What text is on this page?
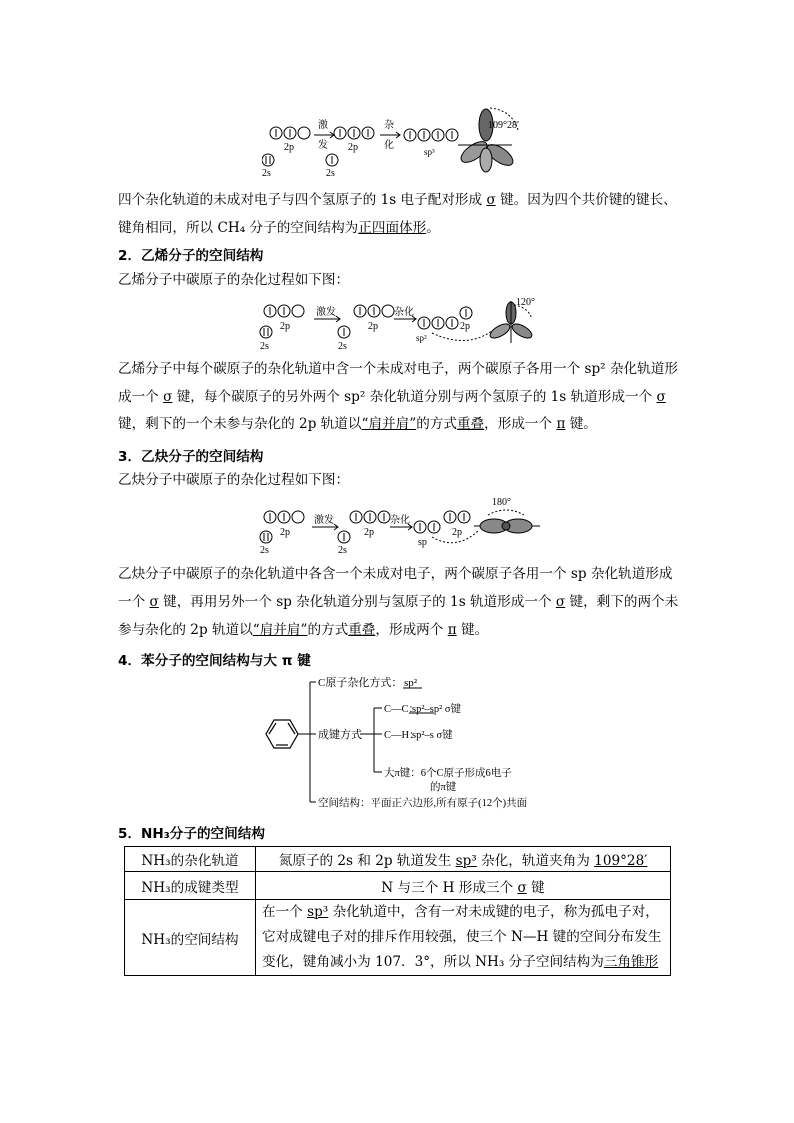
2p
2s
激
发 2p
2s
杂
化
sp³
109°28′
四个杂化轨道的未成对电子与四个氢原子的 1s 电子配对形成 σ 键。因为四个共价键的键长、键角相同，所以 CH₄ 分子的空间结构为正四面体形。
2．乙烯分子的空间结构
乙烯分子中碳原子的杂化过程如下图：
2p
2s
激发
2p
2s
杂化
sp²
2p
120°
乙烯分子中每个碳原子的杂化轨道中含一个未成对电子，两个碳原子各用一个 sp² 杂化轨道形成一个 σ 键，每个碳原子的另外两个 sp² 杂化轨道分别与两个氢原子的 1s 轨道形成一个 σ 键，剩下的一个未参与杂化的 2p 轨道以“肩并肩”的方式重叠，形成一个 π 键。
3．乙炔分子的空间结构
乙炔分子中碳原子的杂化过程如下图：
2p
2s
激发
2p
2s
杂化
sp
2p
180°
乙炔分子中碳原子的杂化轨道中各含一个未成对电子，两个碳原子各用一个 sp 杂化轨道形成一个 σ 键，再用另外一个 sp 杂化轨道分别与氢原子的 1s 轨道形成一个 σ 键，剩下的两个未参与杂化的 2p 轨道以“肩并肩”的方式重叠，形成两个 π 键。
4．苯分子的空间结构与大 π 键
C原子杂化方式： sp²
成键方式
C—C：
sp²–sp² σ键
C—H：
sp²–s σ键
大π键：6个C原子形成6电子
的π键
空间结构：平面正六边形,所有原子(12个)共面
5．NH₃分子的空间结构
NH₃的杂化轨道	氮原子的 2s 和 2p 轨道发生 sp³ 杂化，轨道夹角为 109°28′
NH₃的成键类型	N 与三个 H 形成三个 σ 键
NH₃的空间结构	在一个 sp³ 杂化轨道中，含有一对未成键的电子，称为孤电子对，它对成键电子对的排斥作用较强，使三个 N—H 键的空间分布发生变化，键角减小为 107．3°，所以 NH₃ 分子空间结构为三角锥形
